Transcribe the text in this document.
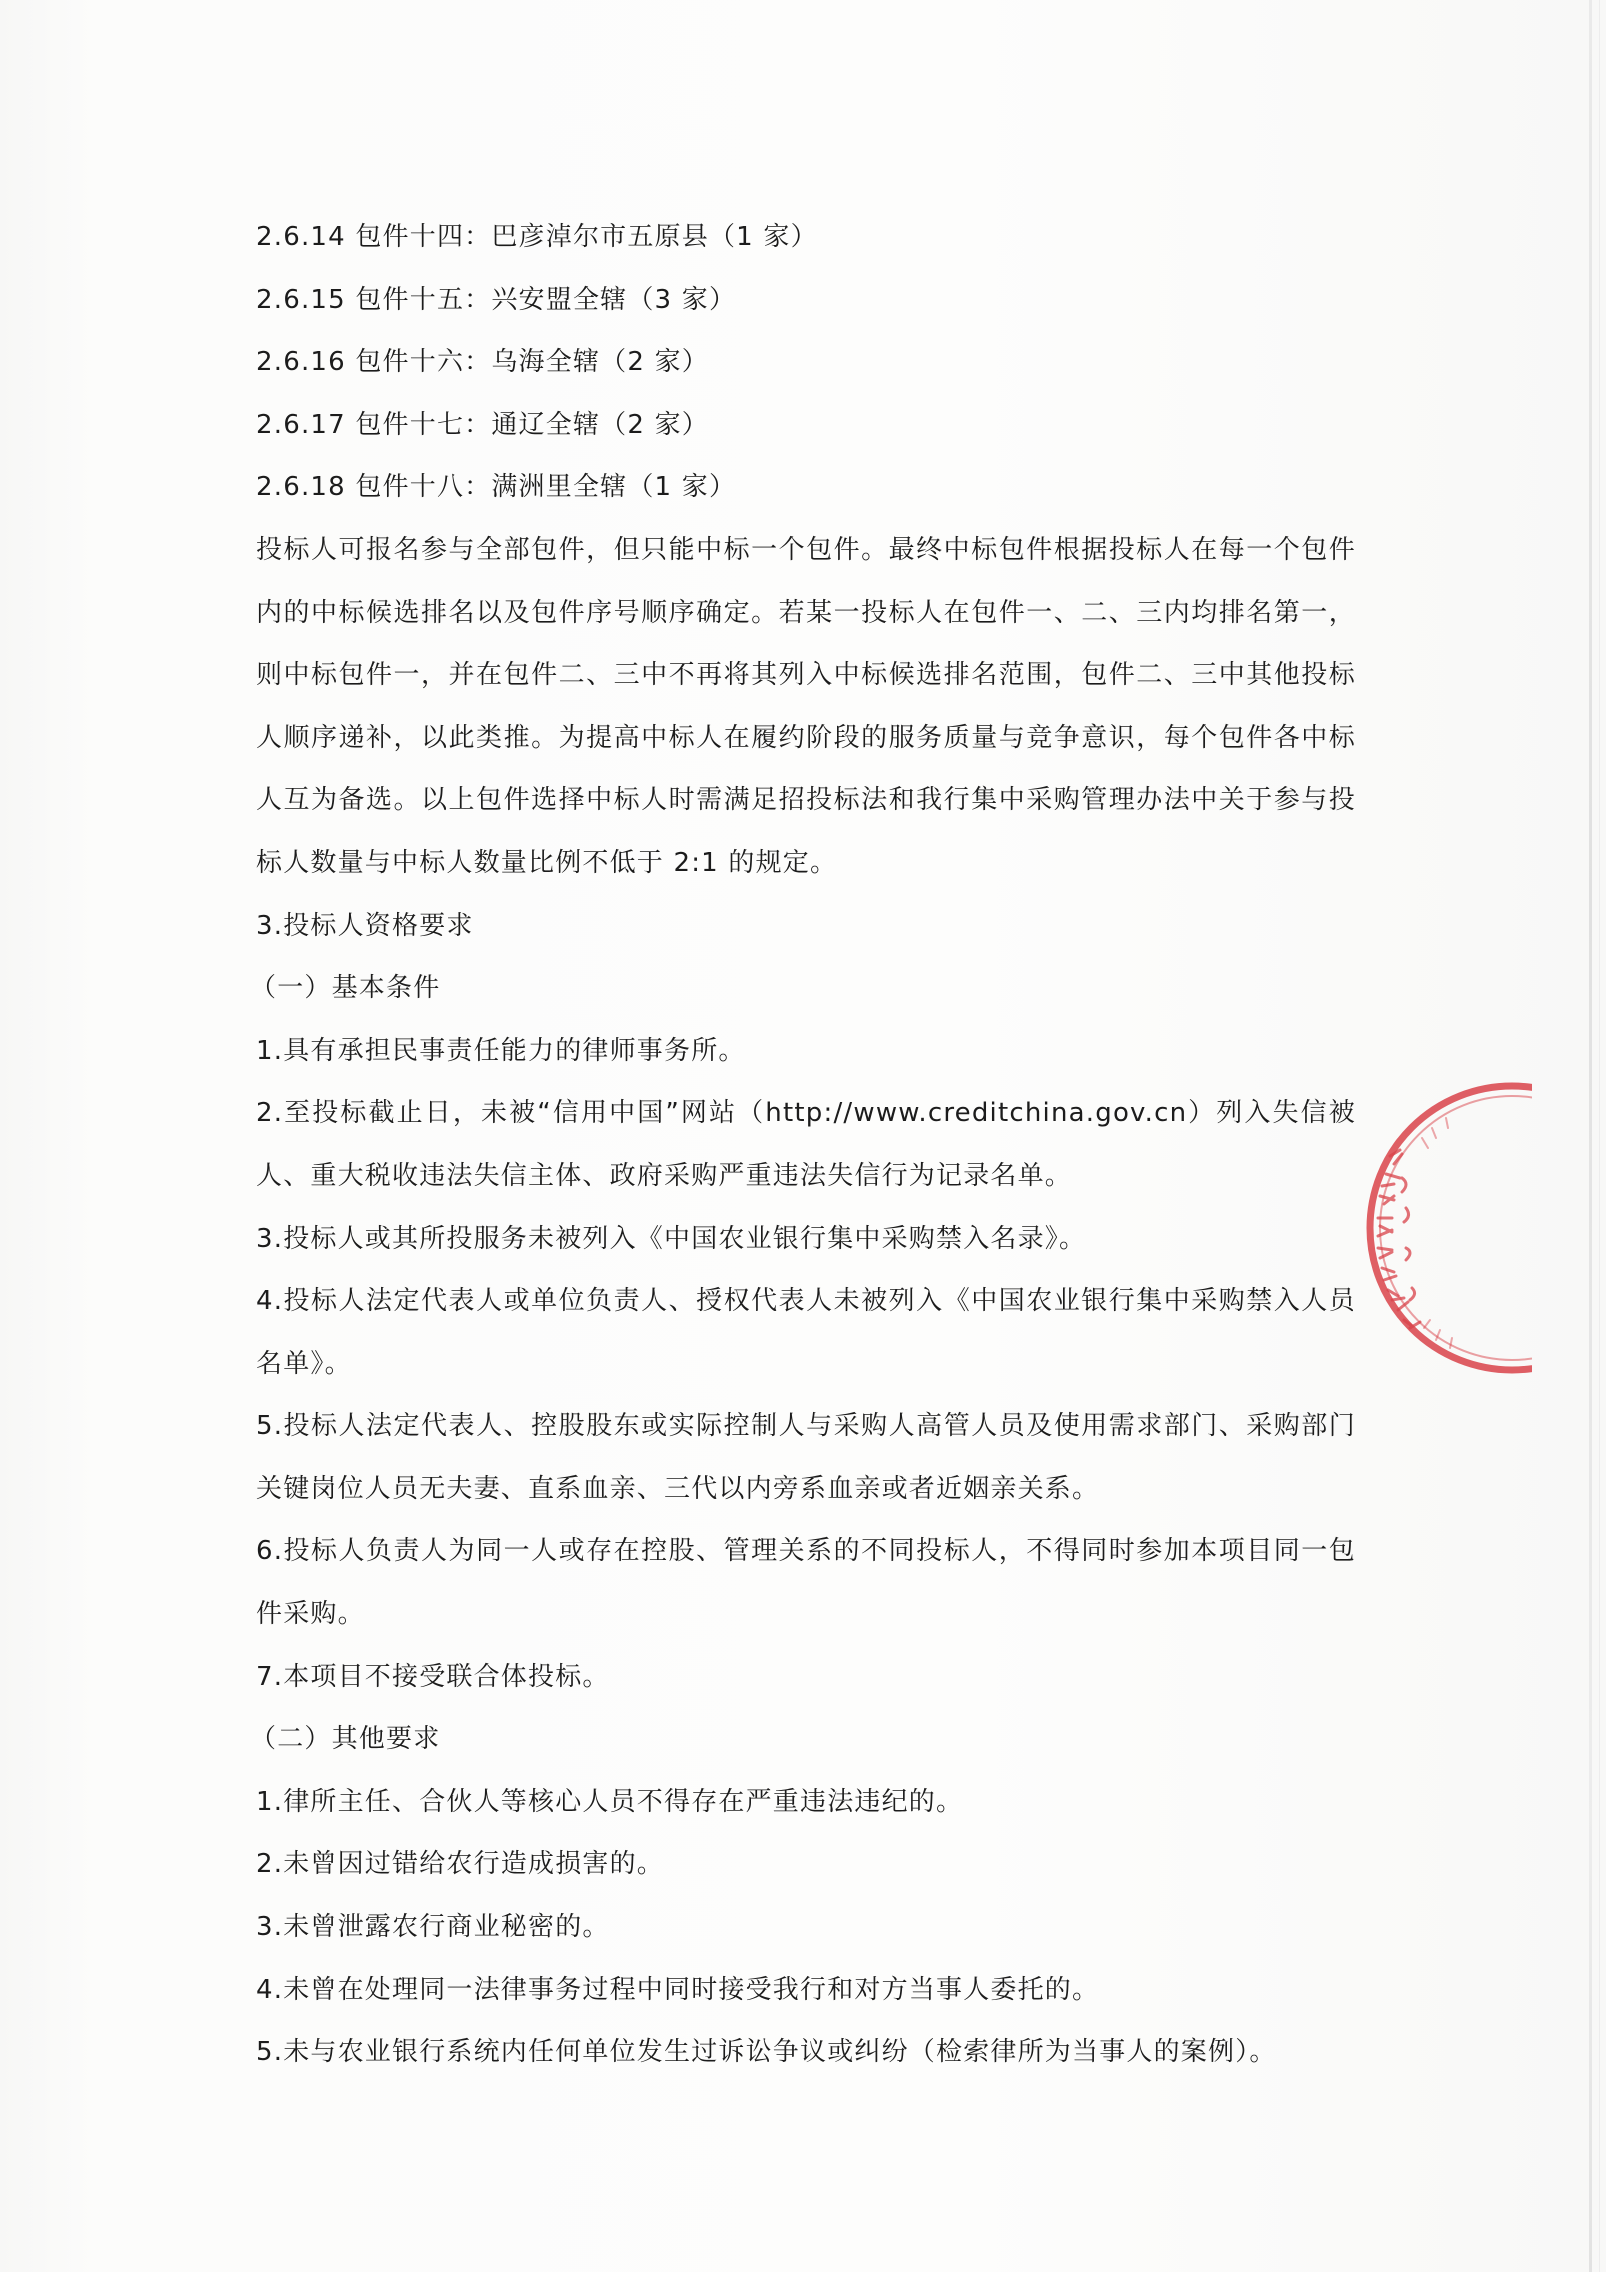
2.6.14 包件十四：巴彦淖尔市五原县（1 家）
2.6.15 包件十五：兴安盟全辖（3 家）
2.6.16 包件十六：乌海全辖（2 家）
2.6.17 包件十七：通辽全辖（2 家）
2.6.18 包件十八：满洲里全辖（1 家）
投标人可报名参与全部包件，但只能中标一个包件。最终中标包件根据投标人在每一个包件
内的中标候选排名以及包件序号顺序确定。若某一投标人在包件一、二、三内均排名第一，
则中标包件一，并在包件二、三中不再将其列入中标候选排名范围，包件二、三中其他投标
人顺序递补，以此类推。为提高中标人在履约阶段的服务质量与竞争意识，每个包件各中标
人互为备选。以上包件选择中标人时需满足招投标法和我行集中采购管理办法中关于参与投
标人数量与中标人数量比例不低于 2:1 的规定。
3.投标人资格要求
（一）基本条件
1.具有承担民事责任能力的律师事务所。
2.至投标截止日，未被“信用中国”网站（http://www.creditchina.gov.cn）列入失信被
人、重大税收违法失信主体、政府采购严重违法失信行为记录名单。
3.投标人或其所投服务未被列入《中国农业银行集中采购禁入名录》。
4.投标人法定代表人或单位负责人、授权代表人未被列入《中国农业银行集中采购禁入人员
名单》。
5.投标人法定代表人、控股股东或实际控制人与采购人高管人员及使用需求部门、采购部门
关键岗位人员无夫妻、直系血亲、三代以内旁系血亲或者近姻亲关系。
6.投标人负责人为同一人或存在控股、管理关系的不同投标人，不得同时参加本项目同一包
件采购。
7.本项目不接受联合体投标。
（二）其他要求
1.律所主任、合伙人等核心人员不得存在严重违法违纪的。
2.未曾因过错给农行造成损害的。
3.未曾泄露农行商业秘密的。
4.未曾在处理同一法律事务过程中同时接受我行和对方当事人委托的。
5.未与农业银行系统内任何单位发生过诉讼争议或纠纷（检索律所为当事人的案例）。
